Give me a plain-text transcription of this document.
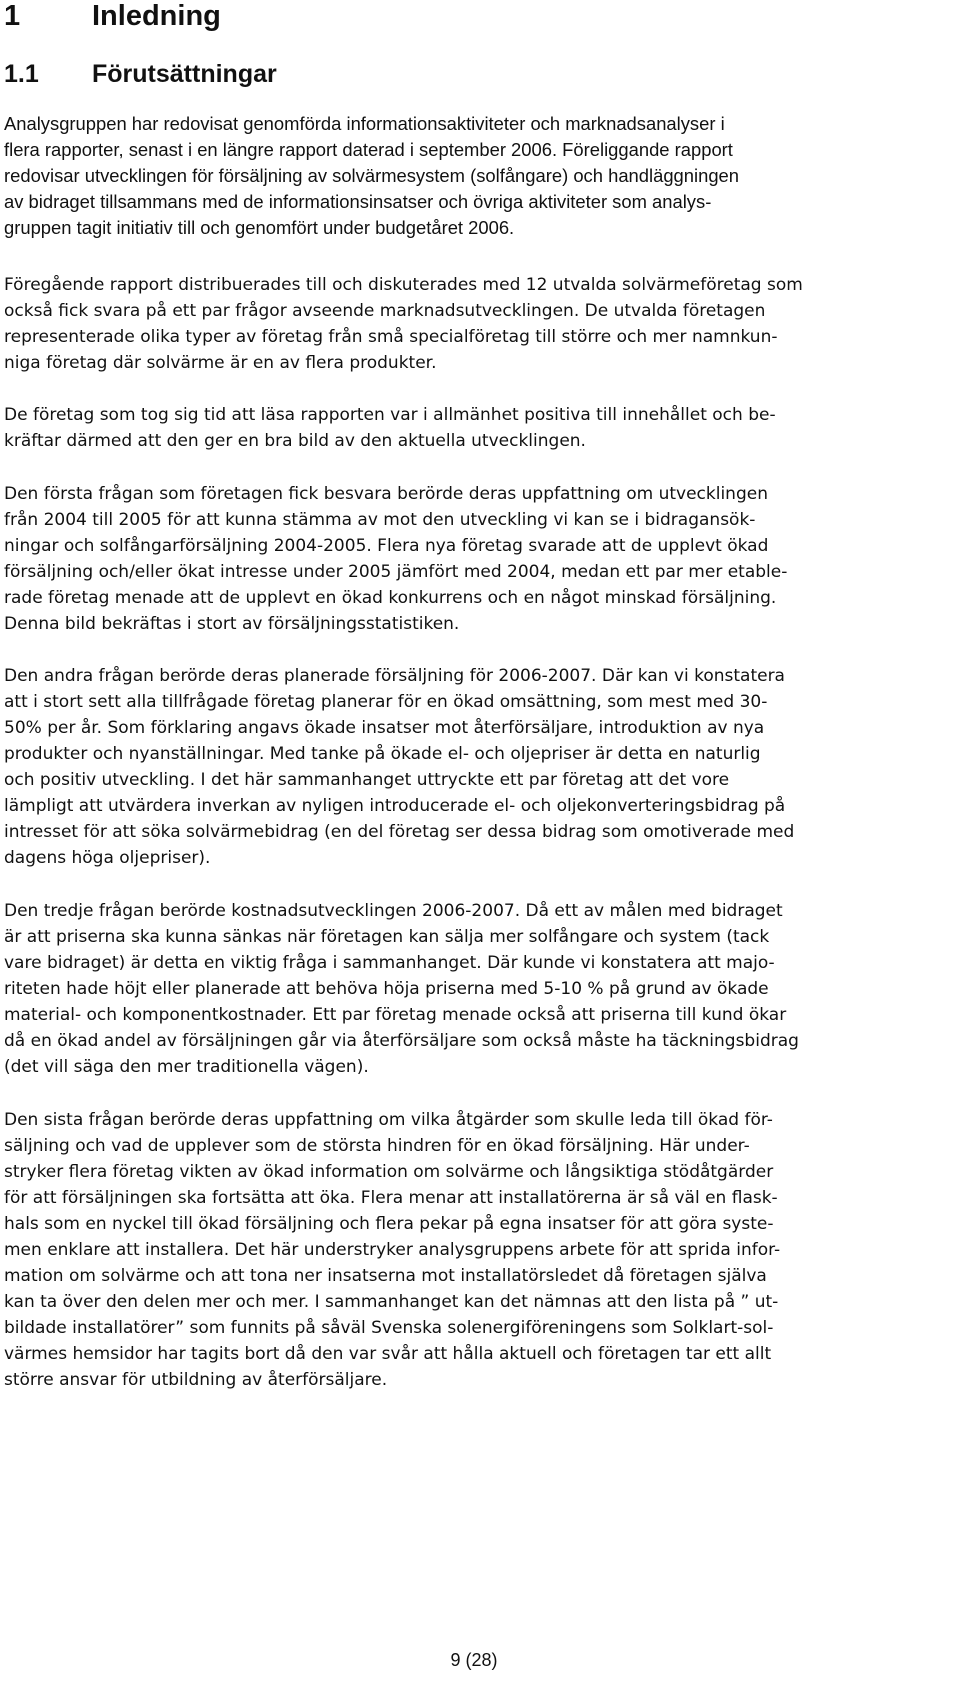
1 Inledning
1.1 Förutsättningar
Analysgruppen har redovisat genomförda informationsaktiviteter och marknadsanalyser i
flera rapporter, senast i en längre rapport daterad i september 2006. Föreliggande rapport
redovisar utvecklingen för försäljning av solvärmesystem (solfångare) och handläggningen
av bidraget tillsammans med de informationsinsatser och övriga aktiviteter som analys-
gruppen tagit initiativ till och genomfört under budgetåret 2006.
Föregående rapport distribuerades till och diskuterades med 12 utvalda solvärmeföretag som
också fick svara på ett par frågor avseende marknadsutvecklingen. De utvalda företagen
representerade olika typer av företag från små specialföretag till större och mer namnkun-
niga företag där solvärme är en av flera produkter.
De företag som tog sig tid att läsa rapporten var i allmänhet positiva till innehållet och be-
kräftar därmed att den ger en bra bild av den aktuella utvecklingen.
Den första frågan som företagen fick besvara berörde deras uppfattning om utvecklingen
från 2004 till 2005 för att kunna stämma av mot den utveckling vi kan se i bidragansök-
ningar och solfångarförsäljning 2004-2005. Flera nya företag svarade att de upplevt ökad
försäljning och/eller ökat intresse under 2005 jämfört med 2004, medan ett par mer etable-
rade företag menade att de upplevt en ökad konkurrens och en något minskad försäljning.
Denna bild bekräftas i stort av försäljningsstatistiken.
Den andra frågan berörde deras planerade försäljning för 2006-2007. Där kan vi konstatera
att i stort sett alla tillfrågade företag planerar för en ökad omsättning, som mest med 30-
50% per år. Som förklaring angavs ökade insatser mot återförsäljare, introduktion av nya
produkter och nyanställningar. Med tanke på ökade el- och oljepriser är detta en naturlig
och positiv utveckling. I det här sammanhanget uttryckte ett par företag att det vore
lämpligt att utvärdera inverkan av nyligen introducerade el- och oljekonverteringsbidrag på
intresset för att söka solvärmebidrag (en del företag ser dessa bidrag som omotiverade med
dagens höga oljepriser).
Den tredje frågan berörde kostnadsutvecklingen 2006-2007. Då ett av målen med bidraget
är att priserna ska kunna sänkas när företagen kan sälja mer solfångare och system (tack
vare bidraget) är detta en viktig fråga i sammanhanget. Där kunde vi konstatera att majo-
riteten hade höjt eller planerade att behöva höja priserna med 5-10 % på grund av ökade
material- och komponentkostnader. Ett par företag menade också att priserna till kund ökar
då en ökad andel av försäljningen går via återförsäljare som också måste ha täckningsbidrag
(det vill säga den mer traditionella vägen).
Den sista frågan berörde deras uppfattning om vilka åtgärder som skulle leda till ökad för-
säljning och vad de upplever som de största hindren för en ökad försäljning. Här under-
stryker flera företag vikten av ökad information om solvärme och långsiktiga stödåtgärder
för att försäljningen ska fortsätta att öka. Flera menar att installatörerna är så väl en flask-
hals som en nyckel till ökad försäljning och flera pekar på egna insatser för att göra syste-
men enklare att installera. Det här understryker analysgruppens arbete för att sprida infor-
mation om solvärme och att tona ner insatserna mot installatörsledet då företagen själva
kan ta över den delen mer och mer. I sammanhanget kan det nämnas att den lista på ” ut-
bildade installatörer” som funnits på såväl Svenska solenergiföreningens som Solklart-sol-
värmes hemsidor har tagits bort då den var svår att hålla aktuell och företagen tar ett allt
större ansvar för utbildning av återförsäljare.
9 (28)
